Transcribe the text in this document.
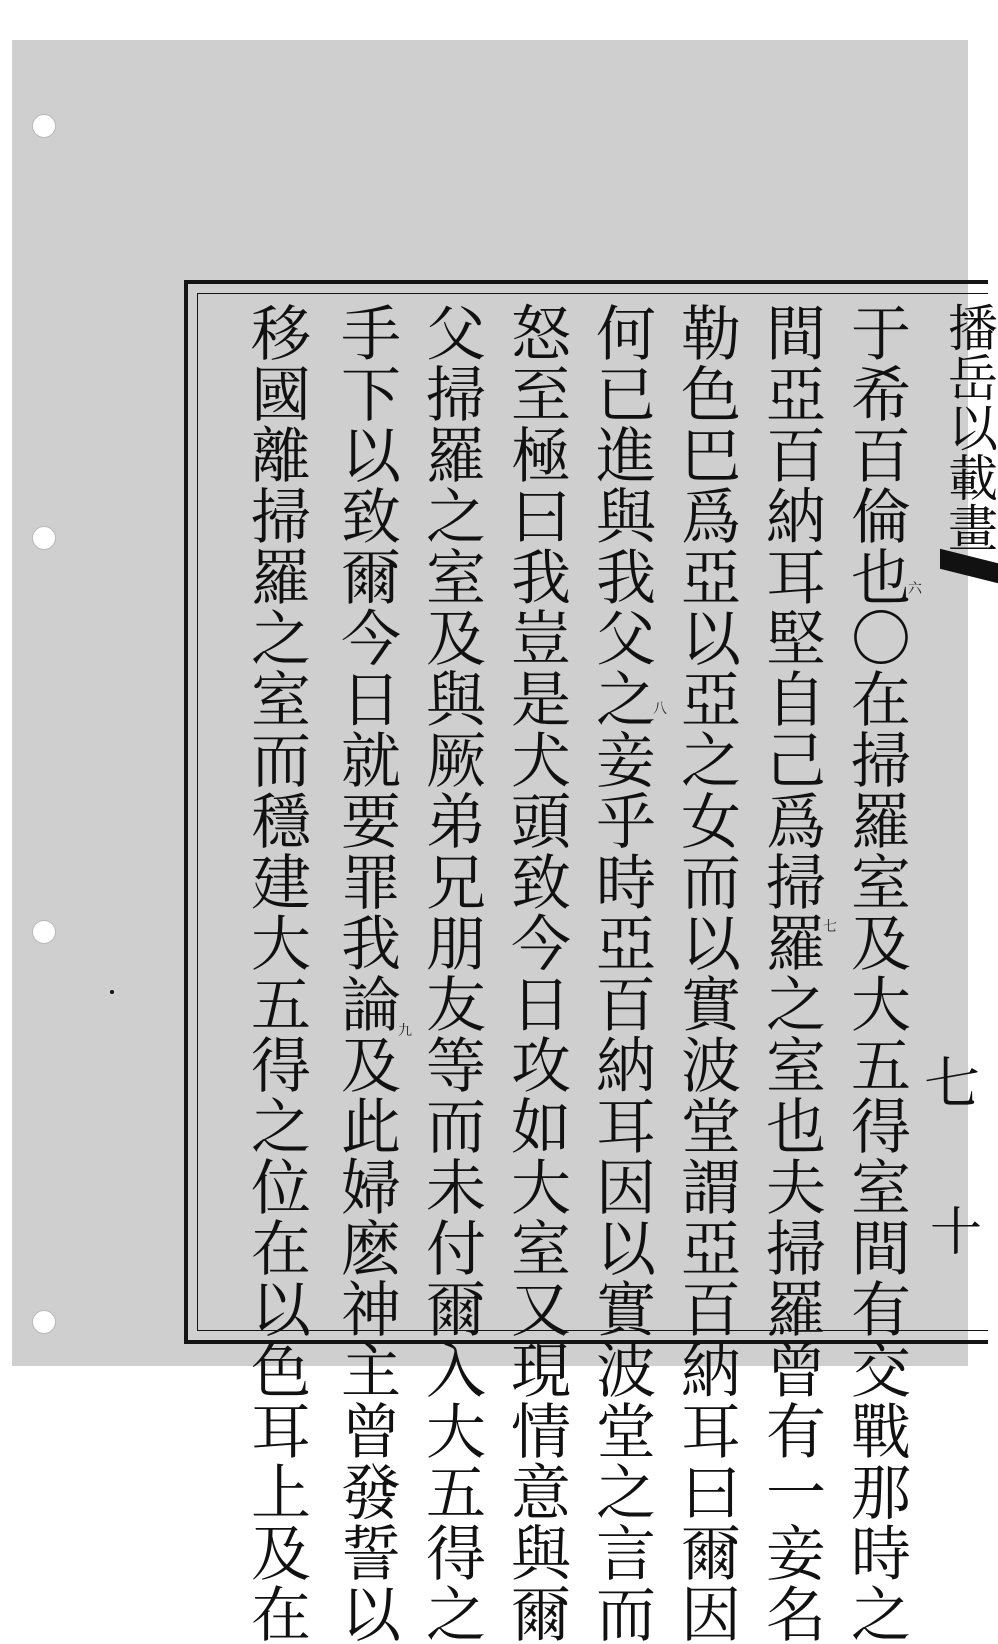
播岳以載畫
于希百倫也〇在掃羅室及大五得室間有交戰那時之
間亞百納耳堅自己爲掃羅之室也夫掃羅曾有一妾名
勒色巴爲亞以亞之女而以實波堂謂亞百納耳曰爾因
何已進與我父之妾乎時亞百納耳因以實波堂之言而
怒至極曰我豈是犬頭致今日攻如大室又現情意與爾
父掃羅之室及與厥弟兄朋友等而未付爾入大五得之
手下以致爾今日就要罪我論及此婦麽神主曾發誓以
移國離掃羅之室而穩建大五得之位在以色耳上及在	六
七
八
九
七
十
